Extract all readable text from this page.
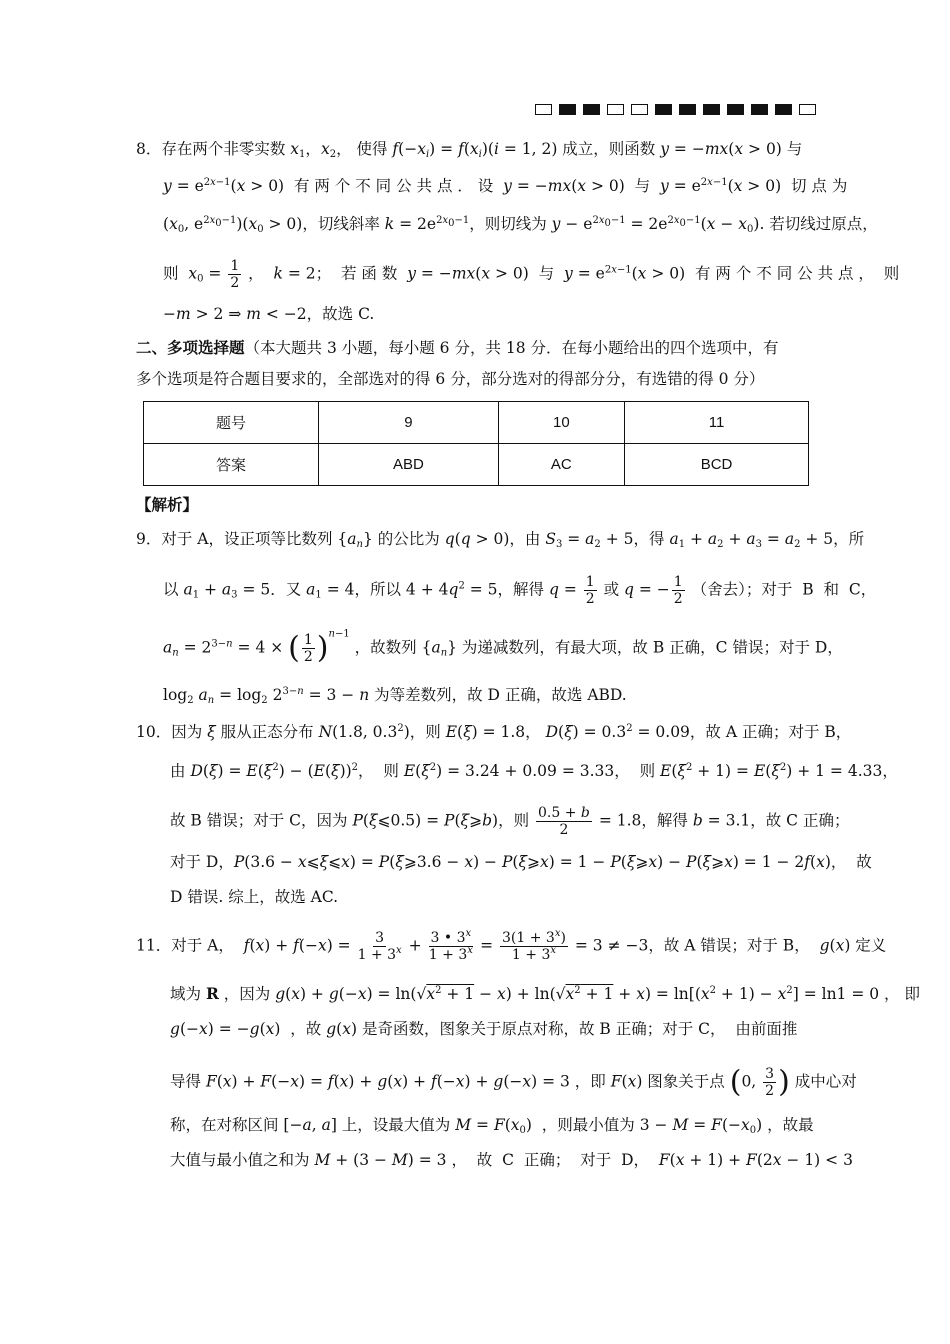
8．存在两个非零实数 $x_1$，$x_2$， 使得 $f(-x_i) = f(x_i)(i = 1$, 2) 成立，则函数 y = −mx(x > 0) 与
$y = e^{2x-1}(x > 0)$  有 两 个 不 同 公 共 点 ． 设  y = −mx(x > 0)  与  $y = e^{2x-1}(x > 0)$  切 点 为
($x_0$, $e^{2x_0-1})(x_0 > 0)$，切线斜率 $k = 2e^{2x_0-1}$，则切线为 $y - e^{2x_0-1} = 2e^{2x_0-1}(x - x_0)$. 若切线过原点，
则  $x_0 = \frac{1}{2}$ ，  k = 2；  若 函 数  y = −mx(x > 0)  与  $y = e^{2x-1}(x > 0)$  有 两 个 不 同 公 共 点 ，  则
−m > 2 ⇒ m < −2，故选 C.
二、多项选择题（本大题共 3 小题，每小题 6 分，共 18 分．在每小题给出的四个选项中，有
多个选项是符合题目要求的，全部选对的得 6 分，部分选对的得部分分，有选错的得 0 分）
题号	9	10	11
答案	ABD	AC	BCD
【解析】
9．对于 A，设正项等比数列 $\{a_n\}$ 的公比为 q(q > 0)，由 $S_3 = a_2 + 5$，得 $a_1 + a_2 + a_3 = a_2 + 5$，所
以 $a_1 + a_3 = 5$．又 $a_1 = 4$，所以 $4 + 4q^2 = 5$，解得 $q = \frac{1}{2}$ 或 q = − $\frac{1}{2}$ （舍去）；对于  B  和  C，
$a_n = 2^{3-n} = 4$ × ( $\frac{1}{2} )^{n-1}$ ，故数列 $\{a_n\}$ 为递减数列，有最大项，故 B 正确，C 错误；对于 D，
$\log_2 a_n = \log_2 2^{3-n} = 3 - n$ 为等差数列，故 D 正确，故选 ABD.
10．因为 ξ 服从正态分布 N(1.8, $0.3^2$)，则 E(ξ) = 1.8， $D(\xi) = 0.3^2 = 0.09$，故 A 正确；对于 B，
由 $D(\xi) = E(\xi^2) - (E(\xi))^2$，  则 $E(\xi^2) = 3.24 + 0.09 = 3.33$，  则 $E(\xi^2 + 1) = E(\xi^2) + 1 = 4.33$，
故 B 错误；对于 C，因为 P(ξ⩽0.5) = P(ξ⩾b)，则 $\frac{0.5 + b}{2} = 1.8$，解得 b = 3.1，故 C 正确；
对于 D，P(3.6 − x⩽ξ⩽x) = P(ξ⩾3.6 − x) − P(ξ⩾x) = 1 − P(ξ⩾x) − P(ξ⩾x) = 1 − 2f(x)，  故
D 错误. 综上，故选 AC.
11．对于 A，  $f(x) + f(-x) = \frac{3}{1 + 3^x} + \frac{3 • 3^x}{1 + 3^x} = \frac{3(1 + 3^x)}{1 + 3^x} = 3 \ne -3$，故 A 错误；对于 B，  g(x) 定义
域为 R ，因为 $g(x) + g(-x) = \ln(√x^2 + 1 - x) + \ln(√x^2 + 1 + x) = \ln[(x^2 + 1) - x^2] = \ln 1 = 0$ ， 即
g(−x) = −g(x)  ，故 g(x) 是奇函数，图象关于原点对称，故 B 正确；对于 C，  由前面推
导得 F(x) + F(−x) = f(x) + g(x) + f(−x) + g(−x) = 3 ，即 F(x) 图象关于点 (0, $\frac{3}{2}$ ) 成中心对
称，在对称区间 [−a, a] 上，设最大值为 $M = F(x_0)$  ，则最小值为 $3 - M = F(-x_0)$ ，故最
大值与最小值之和为 M + (3 − M) = 3 ，  故  C  正确；  对于  D，  F(x + 1) + F(2x − 1) < 3
